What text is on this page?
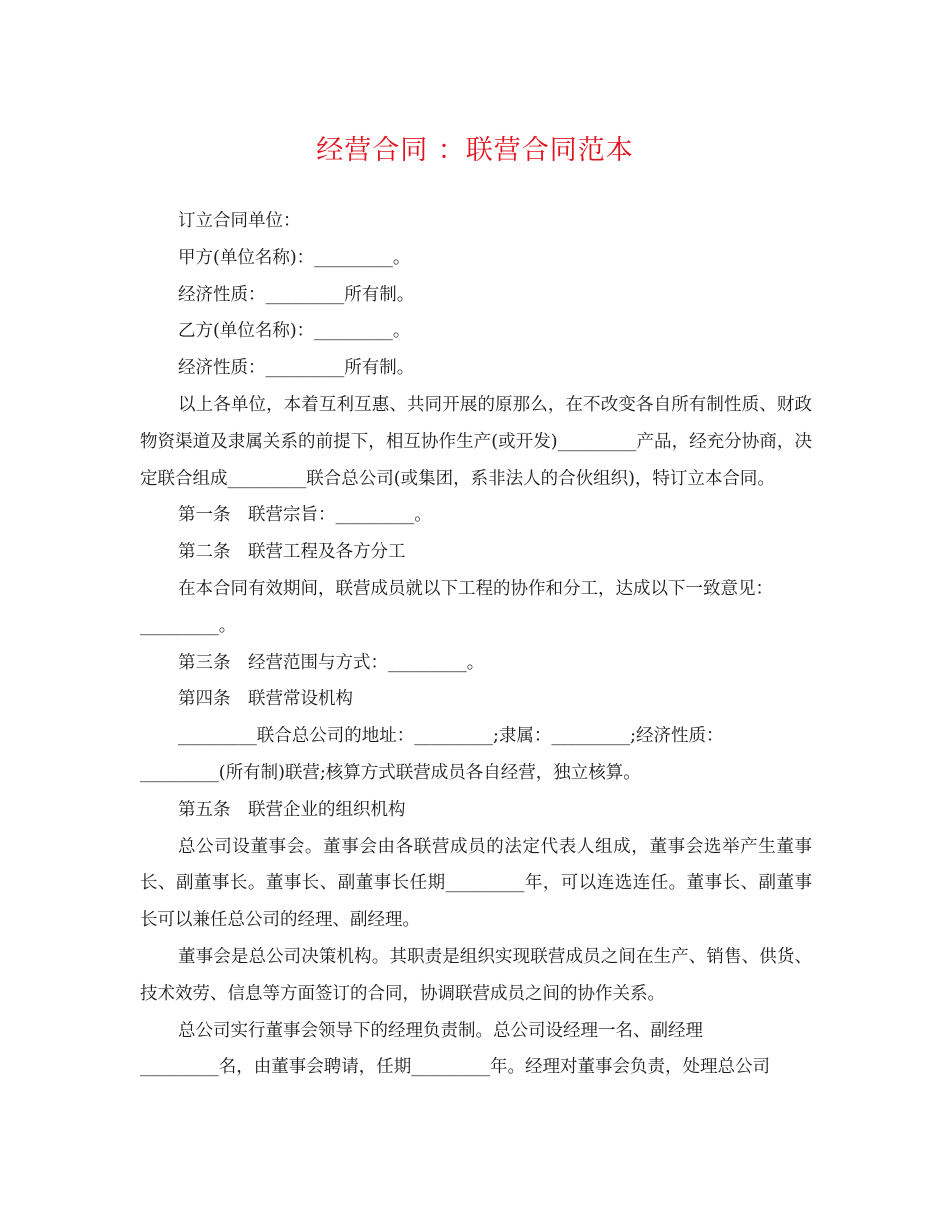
经营合同 ：联营合同范本

订立合同单位：

甲方(单位名称)：_________。

经济性质：_________所有制。

乙方(单位名称)：_________。

经济性质：_________所有制。

以上各单位，本着互利互惠、共同开展的原那么，在不改变各自所有制性质、财政物资渠道及隶属关系的前提下，相互协作生产(或开发)_________产品，经充分协商，决定联合组成_________联合总公司(或集团，系非法人的合伙组织)，特订立本合同。

第一条　联营宗旨：_________。

第二条　联营工程及各方分工

在本合同有效期间，联营成员就以下工程的协作和分工，达成以下一致意见：

_________。

第三条　经营范围与方式：_________。

第四条　联营常设机构

_________联合总公司的地址：_________;隶属：_________;经济性质：

_________(所有制)联营;核算方式联营成员各自经营，独立核算。

第五条　联营企业的组织机构

总公司设董事会。董事会由各联营成员的法定代表人组成，董事会选举产生董事长、副董事长。董事长、副董事长任期_________年，可以连选连任。董事长、副董事长可以兼任总公司的经理、副经理。

董事会是总公司决策机构。其职责是组织实现联营成员之间在生产、销售、供货、技术效劳、信息等方面签订的合同，协调联营成员之间的协作关系。

总公司实行董事会领导下的经理负责制。总公司设经理一名、副经理

_________名，由董事会聘请，任期_________年。经理对董事会负责，处理总公司
